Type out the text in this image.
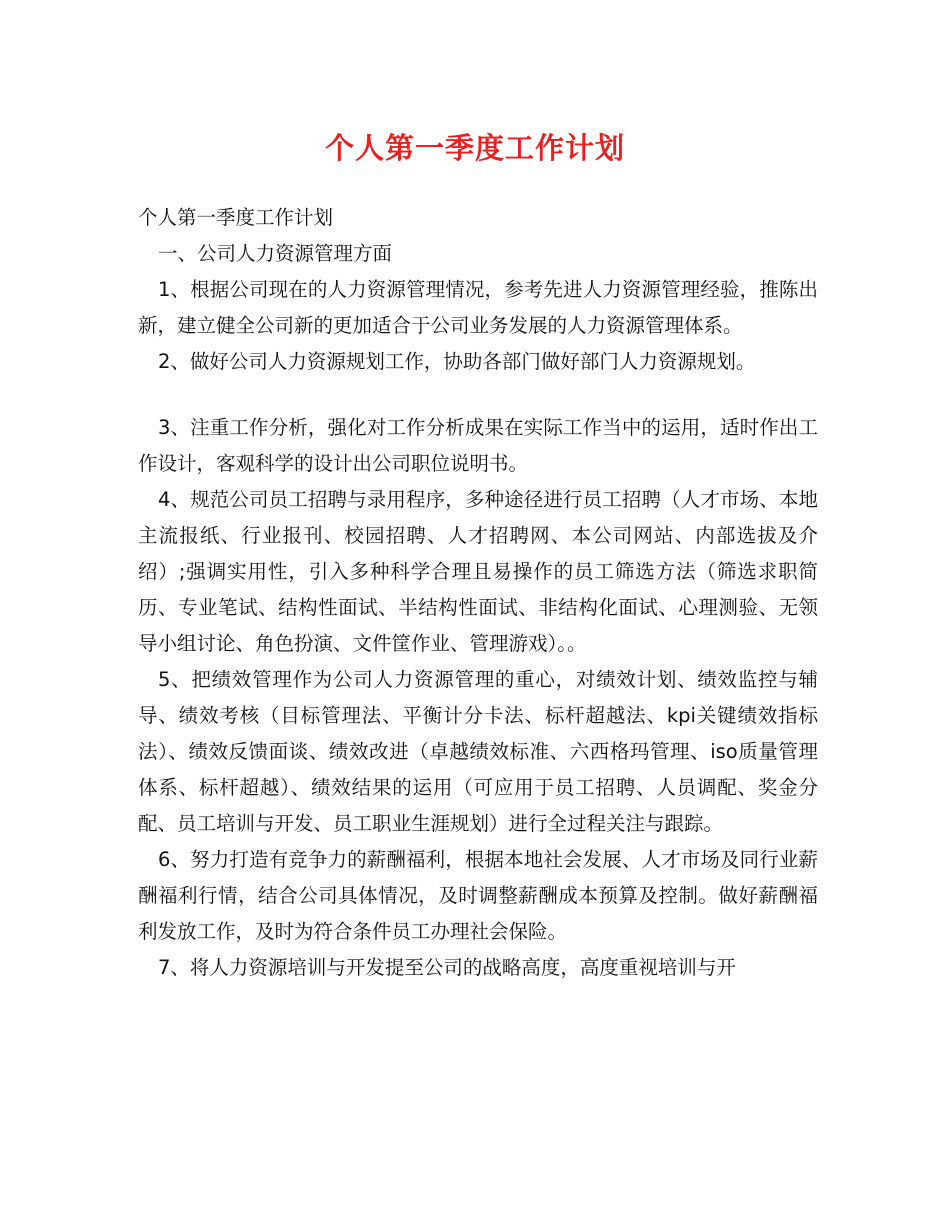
个人第一季度工作计划

个人第一季度工作计划

一、公司人力资源管理方面

1、根据公司现在的人力资源管理情况，参考先进人力资源管理经验，推陈出新，建立健全公司新的更加适合于公司业务发展的人力资源管理体系。

2、做好公司人力资源规划工作，协助各部门做好部门人力资源规划。

3、注重工作分析，强化对工作分析成果在实际工作当中的运用，适时作出工作设计，客观科学的设计出公司职位说明书。

4、规范公司员工招聘与录用程序，多种途径进行员工招聘（人才市场、本地主流报纸、行业报刊、校园招聘、人才招聘网、本公司网站、内部选拔及介绍）;强调实用性，引入多种科学合理且易操作的员工筛选方法（筛选求职简历、专业笔试、结构性面试、半结构性面试、非结构化面试、心理测验、无领导小组讨论、角色扮演、文件筐作业、管理游戏）。。

5、把绩效管理作为公司人力资源管理的重心，对绩效计划、绩效监控与辅导、绩效考核（目标管理法、平衡计分卡法、标杆超越法、kpi关键绩效指标法）、绩效反馈面谈、绩效改进（卓越绩效标准、六西格玛管理、iso质量管理体系、标杆超越）、绩效结果的运用（可应用于员工招聘、人员调配、奖金分配、员工培训与开发、员工职业生涯规划）进行全过程关注与跟踪。

6、努力打造有竞争力的薪酬福利，根据本地社会发展、人才市场及同行业薪酬福利行情，结合公司具体情况，及时调整薪酬成本预算及控制。做好薪酬福利发放工作，及时为符合条件员工办理社会保险。

7、将人力资源培训与开发提至公司的战略高度，高度重视培训与开
